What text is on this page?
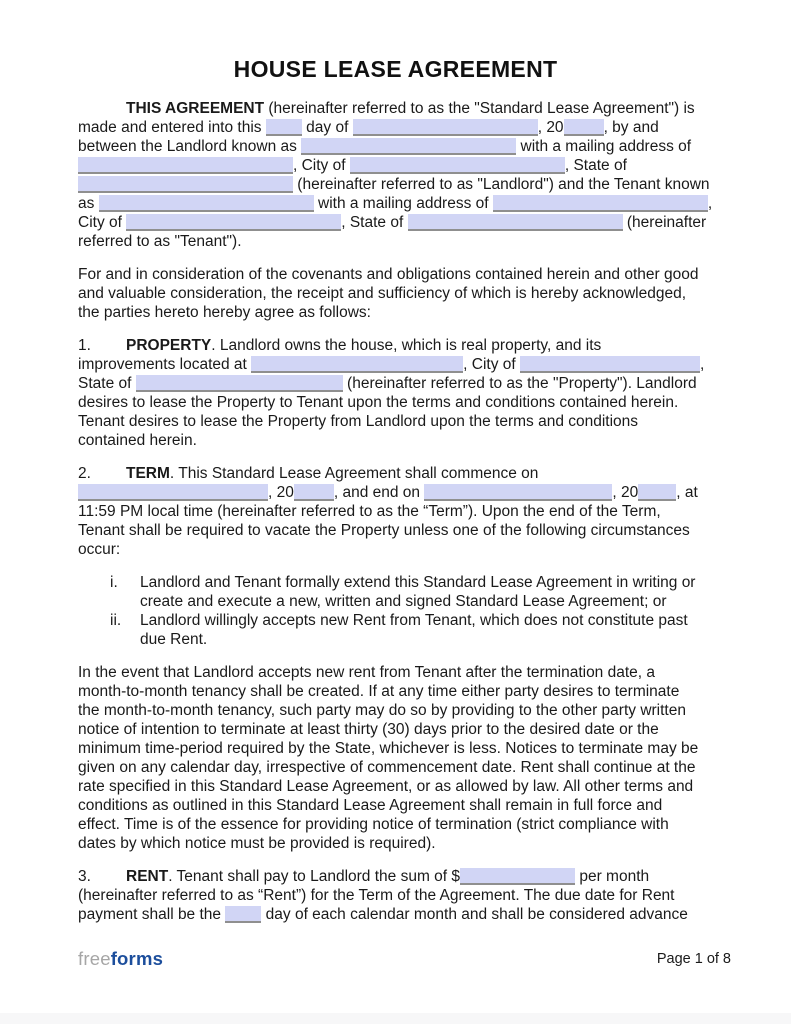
HOUSE LEASE AGREEMENT
THIS AGREEMENT (hereinafter referred to as the "Standard Lease Agreement") is
made and entered into this  day of	, 20	, by and
between the Landlord known as	with a mailing address of
, City of	, State of
(hereinafter referred to as "Landlord") and the Tenant known
as	with a mailing address of	,
City of	, State of	(hereinafter
referred to as "Tenant").
For and in consideration of the covenants and obligations contained herein and other good
and valuable consideration, the receipt and sufficiency of which is hereby acknowledged,
the parties hereto hereby agree as follows:
1. PROPERTY. Landlord owns the house, which is real property, and its
improvements located at	, City of	,
State of	(hereinafter referred to as the "Property"). Landlord
desires to lease the Property to Tenant upon the terms and conditions contained herein.
Tenant desires to lease the Property from Landlord upon the terms and conditions
contained herein.
2. TERM. This Standard Lease Agreement shall commence on
, 20	, and end on	, 20 , at
11:59 PM local time (hereinafter referred to as the “Term”). Upon the end of the Term,
Tenant shall be required to vacate the Property unless one of the following circumstances
occur:
i.	Landlord and Tenant formally extend this Standard Lease Agreement in writing or
create and execute a new, written and signed Standard Lease Agreement; or
ii.	Landlord willingly accepts new Rent from Tenant, which does not constitute past
due Rent.
In the event that Landlord accepts new rent from Tenant after the termination date, a
month-to-month tenancy shall be created. If at any time either party desires to terminate
the month-to-month tenancy, such party may do so by providing to the other party written
notice of intention to terminate at least thirty (30) days prior to the desired date or the
minimum time-period required by the State, whichever is less. Notices to terminate may be
given on any calendar day, irrespective of commencement date. Rent shall continue at the
rate specified in this Standard Lease Agreement, or as allowed by law. All other terms and
conditions as outlined in this Standard Lease Agreement shall remain in full force and
effect. Time is of the essence for providing notice of termination (strict compliance with
dates by which notice must be provided is required).
3. RENT. Tenant shall pay to Landlord the sum of $	per month
(hereinafter referred to as “Rent”) for the Term of the Agreement. The due date for Rent
payment shall be the  day of each calendar month and shall be considered advance
freeforms	Page 1 of 8
